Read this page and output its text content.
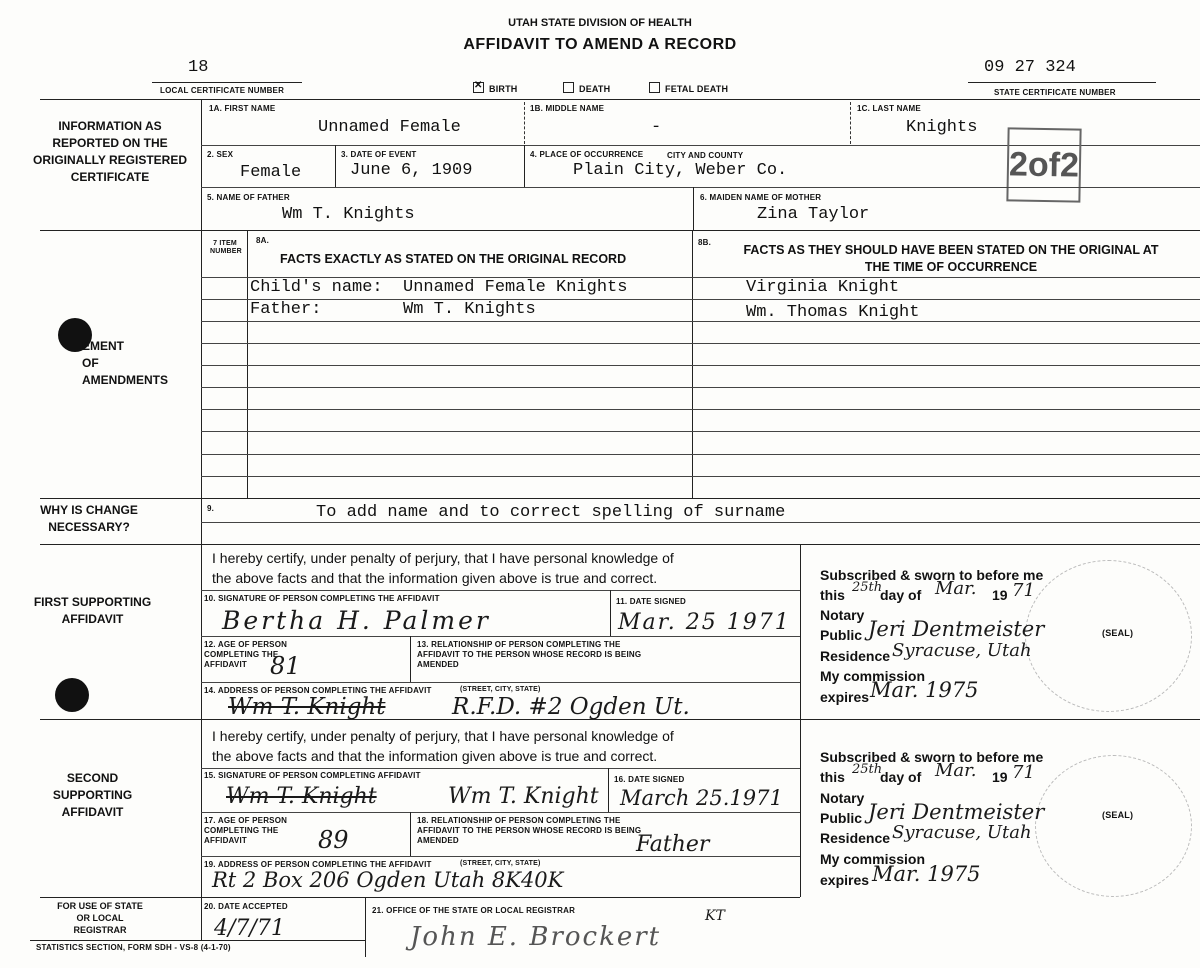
UTAH STATE DIVISION OF HEALTH
AFFIDAVIT TO AMEND A RECORD
18
LOCAL CERTIFICATE NUMBER
09 27 324
STATE CERTIFICATE NUMBER
✕BIRTH	DEATH	FETAL DEATH
INFORMATION AS REPORTED ON THE ORIGINALLY REGISTERED CERTIFICATE
1A. FIRST NAME
Unnamed Female
1B. MIDDLE NAME
-
1C. LAST NAME
Knights
2. SEX
Female
3. DATE OF EVENT
June 6, 1909
4. PLACE OF OCCURRENCE	CITY AND COUNTY
Plain City, Weber Co.	2of2
5. NAME OF FATHER
Wm T. Knights
6. MAIDEN NAME OF MOTHER
Zina Taylor
EMENT OF AMENDMENTS
7 ITEM NUMBER
8A.
FACTS EXACTLY AS STATED ON THE ORIGINAL RECORD
8B.
FACTS AS THEY SHOULD HAVE BEEN STATED ON THE ORIGINAL AT THE TIME OF OCCURRENCE
Child's name:  Unnamed Female Knights	Virginia Knight
Father:        Wm T. Knights	Wm. Thomas Knight
WHY IS CHANGE NECESSARY?
9.	To add name and to correct spelling of surname
FIRST SUPPORTING AFFIDAVIT
I hereby certify, under penalty of perjury, that I have personal knowledge of
the above facts and that the information given above is true and correct.
10. SIGNATURE OF PERSON COMPLETING THE AFFIDAVIT
Bertha H. Palmer
11. DATE SIGNED
Mar. 25 1971
12. AGE OF PERSON COMPLETING THE AFFIDAVIT 81
13. RELATIONSHIP OF PERSON COMPLETING THE AFFIDAVIT TO THE PERSON WHOSE RECORD IS BEING AMENDED
14. ADDRESS OF PERSON COMPLETING THE AFFIDAVIT	(STREET, CITY, STATE)
Wm T. Knight	R.F.D. #2 Ogden Ut.
Subscribed & sworn to before me
this 25th
day of Mar. 19 71
Notary
Public Jeri Dentmeister	(SEAL)
Residence Syracuse, Utah
My commission
expires Mar. 1975
SECOND SUPPORTING AFFIDAVIT
I hereby certify, under penalty of perjury, that I have personal knowledge of
the above facts and that the information given above is true and correct.
15. SIGNATURE OF PERSON COMPLETING AFFIDAVIT
Wm T. Knight	Wm T. Knight
16. DATE SIGNED
March 25.1971
17. AGE OF PERSON COMPLETING THE AFFIDAVIT	89
18. RELATIONSHIP OF PERSON COMPLETING THE AFFIDAVIT TO THE PERSON WHOSE RECORD IS BEING AMENDED	Father
19. ADDRESS OF PERSON COMPLETING THE AFFIDAVIT	(STREET, CITY, STATE)
Rt 2 Box 206 Ogden Utah 8K40K
Subscribed & sworn to before me
this 25th
day of Mar. 19 71
Notary
Public Jeri Dentmeister	(SEAL)
Residence Syracuse, Utah
My commission
expires Mar. 1975
FOR USE OF STATE OR LOCAL REGISTRAR
20. DATE ACCEPTED
4/7/71
21. OFFICE OF THE STATE OR LOCAL REGISTRAR
John E. Brockert
KT
STATISTICS SECTION, FORM SDH - VS-8 (4-1-70)
